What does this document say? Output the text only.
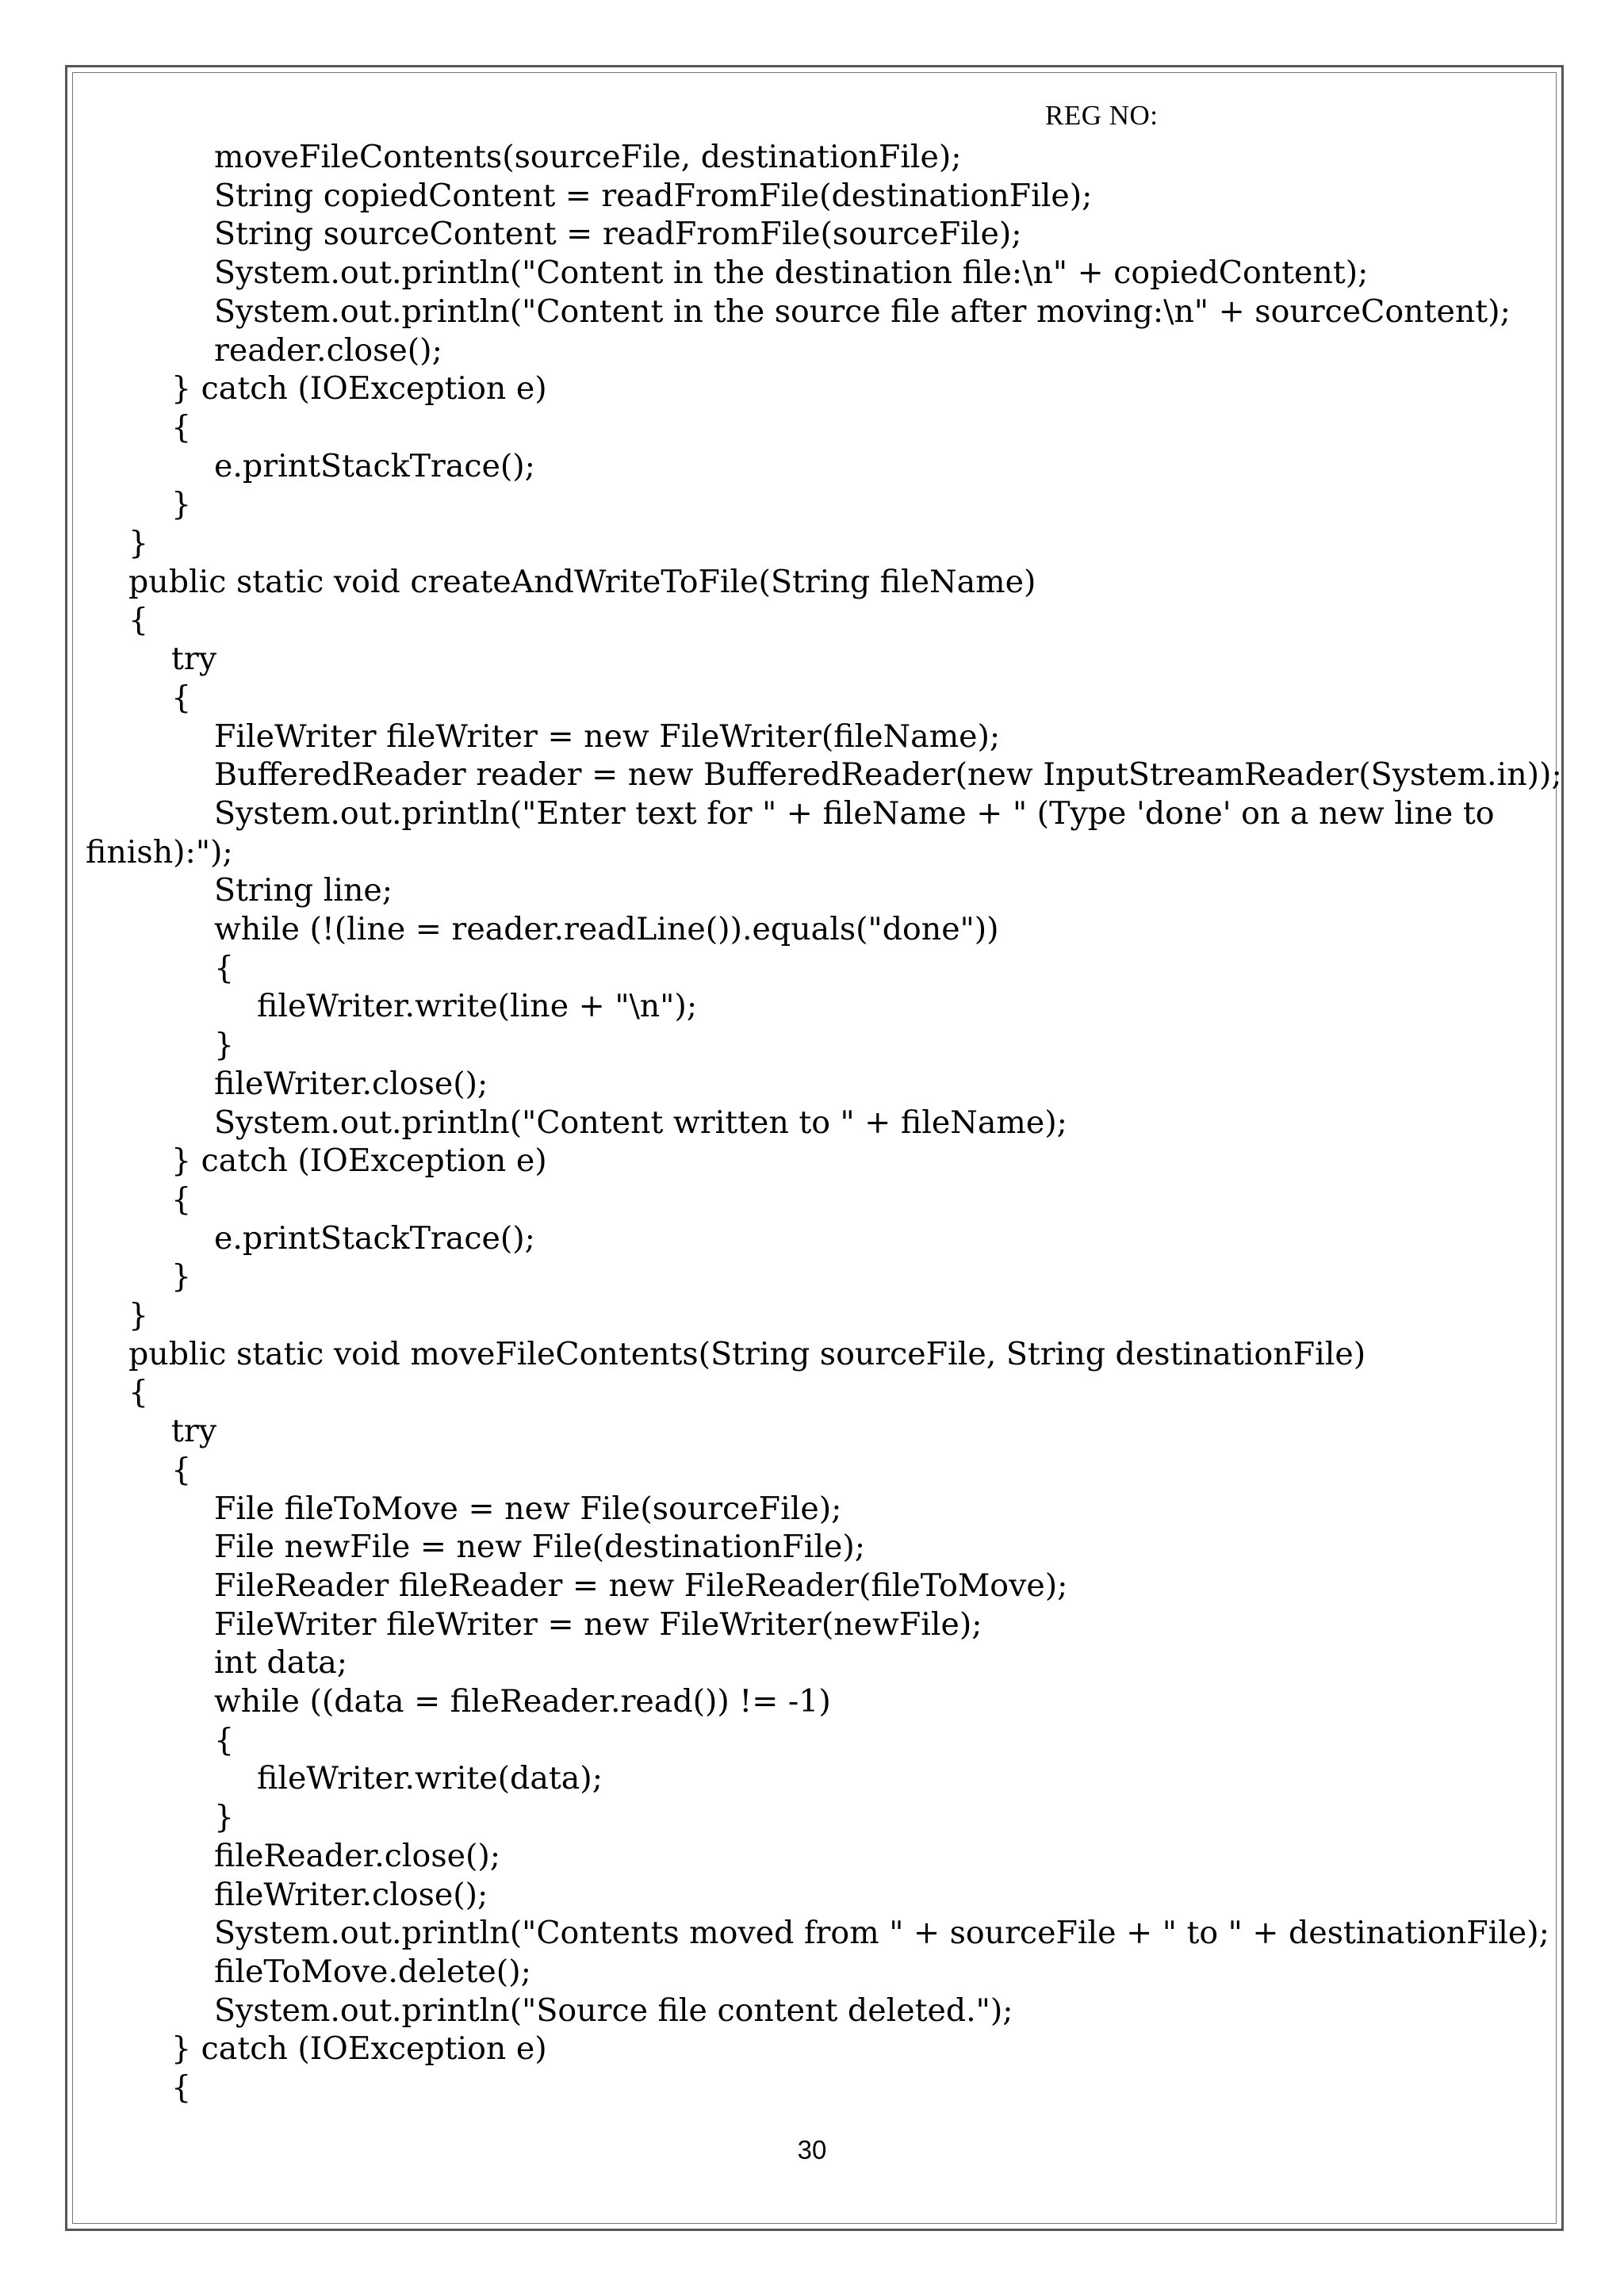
REG NO:
moveFileContents(sourceFile, destinationFile);
String copiedContent = readFromFile(destinationFile);
String sourceContent = readFromFile(sourceFile);
System.out.println("Content in the destination file:\n" + copiedContent);
System.out.println("Content in the source file after moving:\n" + sourceContent);
reader.close();
} catch (IOException e)
{
e.printStackTrace();
}
}
public static void createAndWriteToFile(String fileName)
{
try
{
FileWriter fileWriter = new FileWriter(fileName);
BufferedReader reader = new BufferedReader(new InputStreamReader(System.in));
System.out.println("Enter text for " + fileName + " (Type 'done' on a new line to
finish):");
String line;
while (!(line = reader.readLine()).equals("done"))
{
fileWriter.write(line + "\n");
}
fileWriter.close();
System.out.println("Content written to " + fileName);
} catch (IOException e)
{
e.printStackTrace();
}
}
public static void moveFileContents(String sourceFile, String destinationFile)
{
try
{
File fileToMove = new File(sourceFile);
File newFile = new File(destinationFile);
FileReader fileReader = new FileReader(fileToMove);
FileWriter fileWriter = new FileWriter(newFile);
int data;
while ((data = fileReader.read()) != -1)
{
fileWriter.write(data);
}
fileReader.close();
fileWriter.close();
System.out.println("Contents moved from " + sourceFile + " to " + destinationFile);
fileToMove.delete();
System.out.println("Source file content deleted.");
} catch (IOException e)
{
30
